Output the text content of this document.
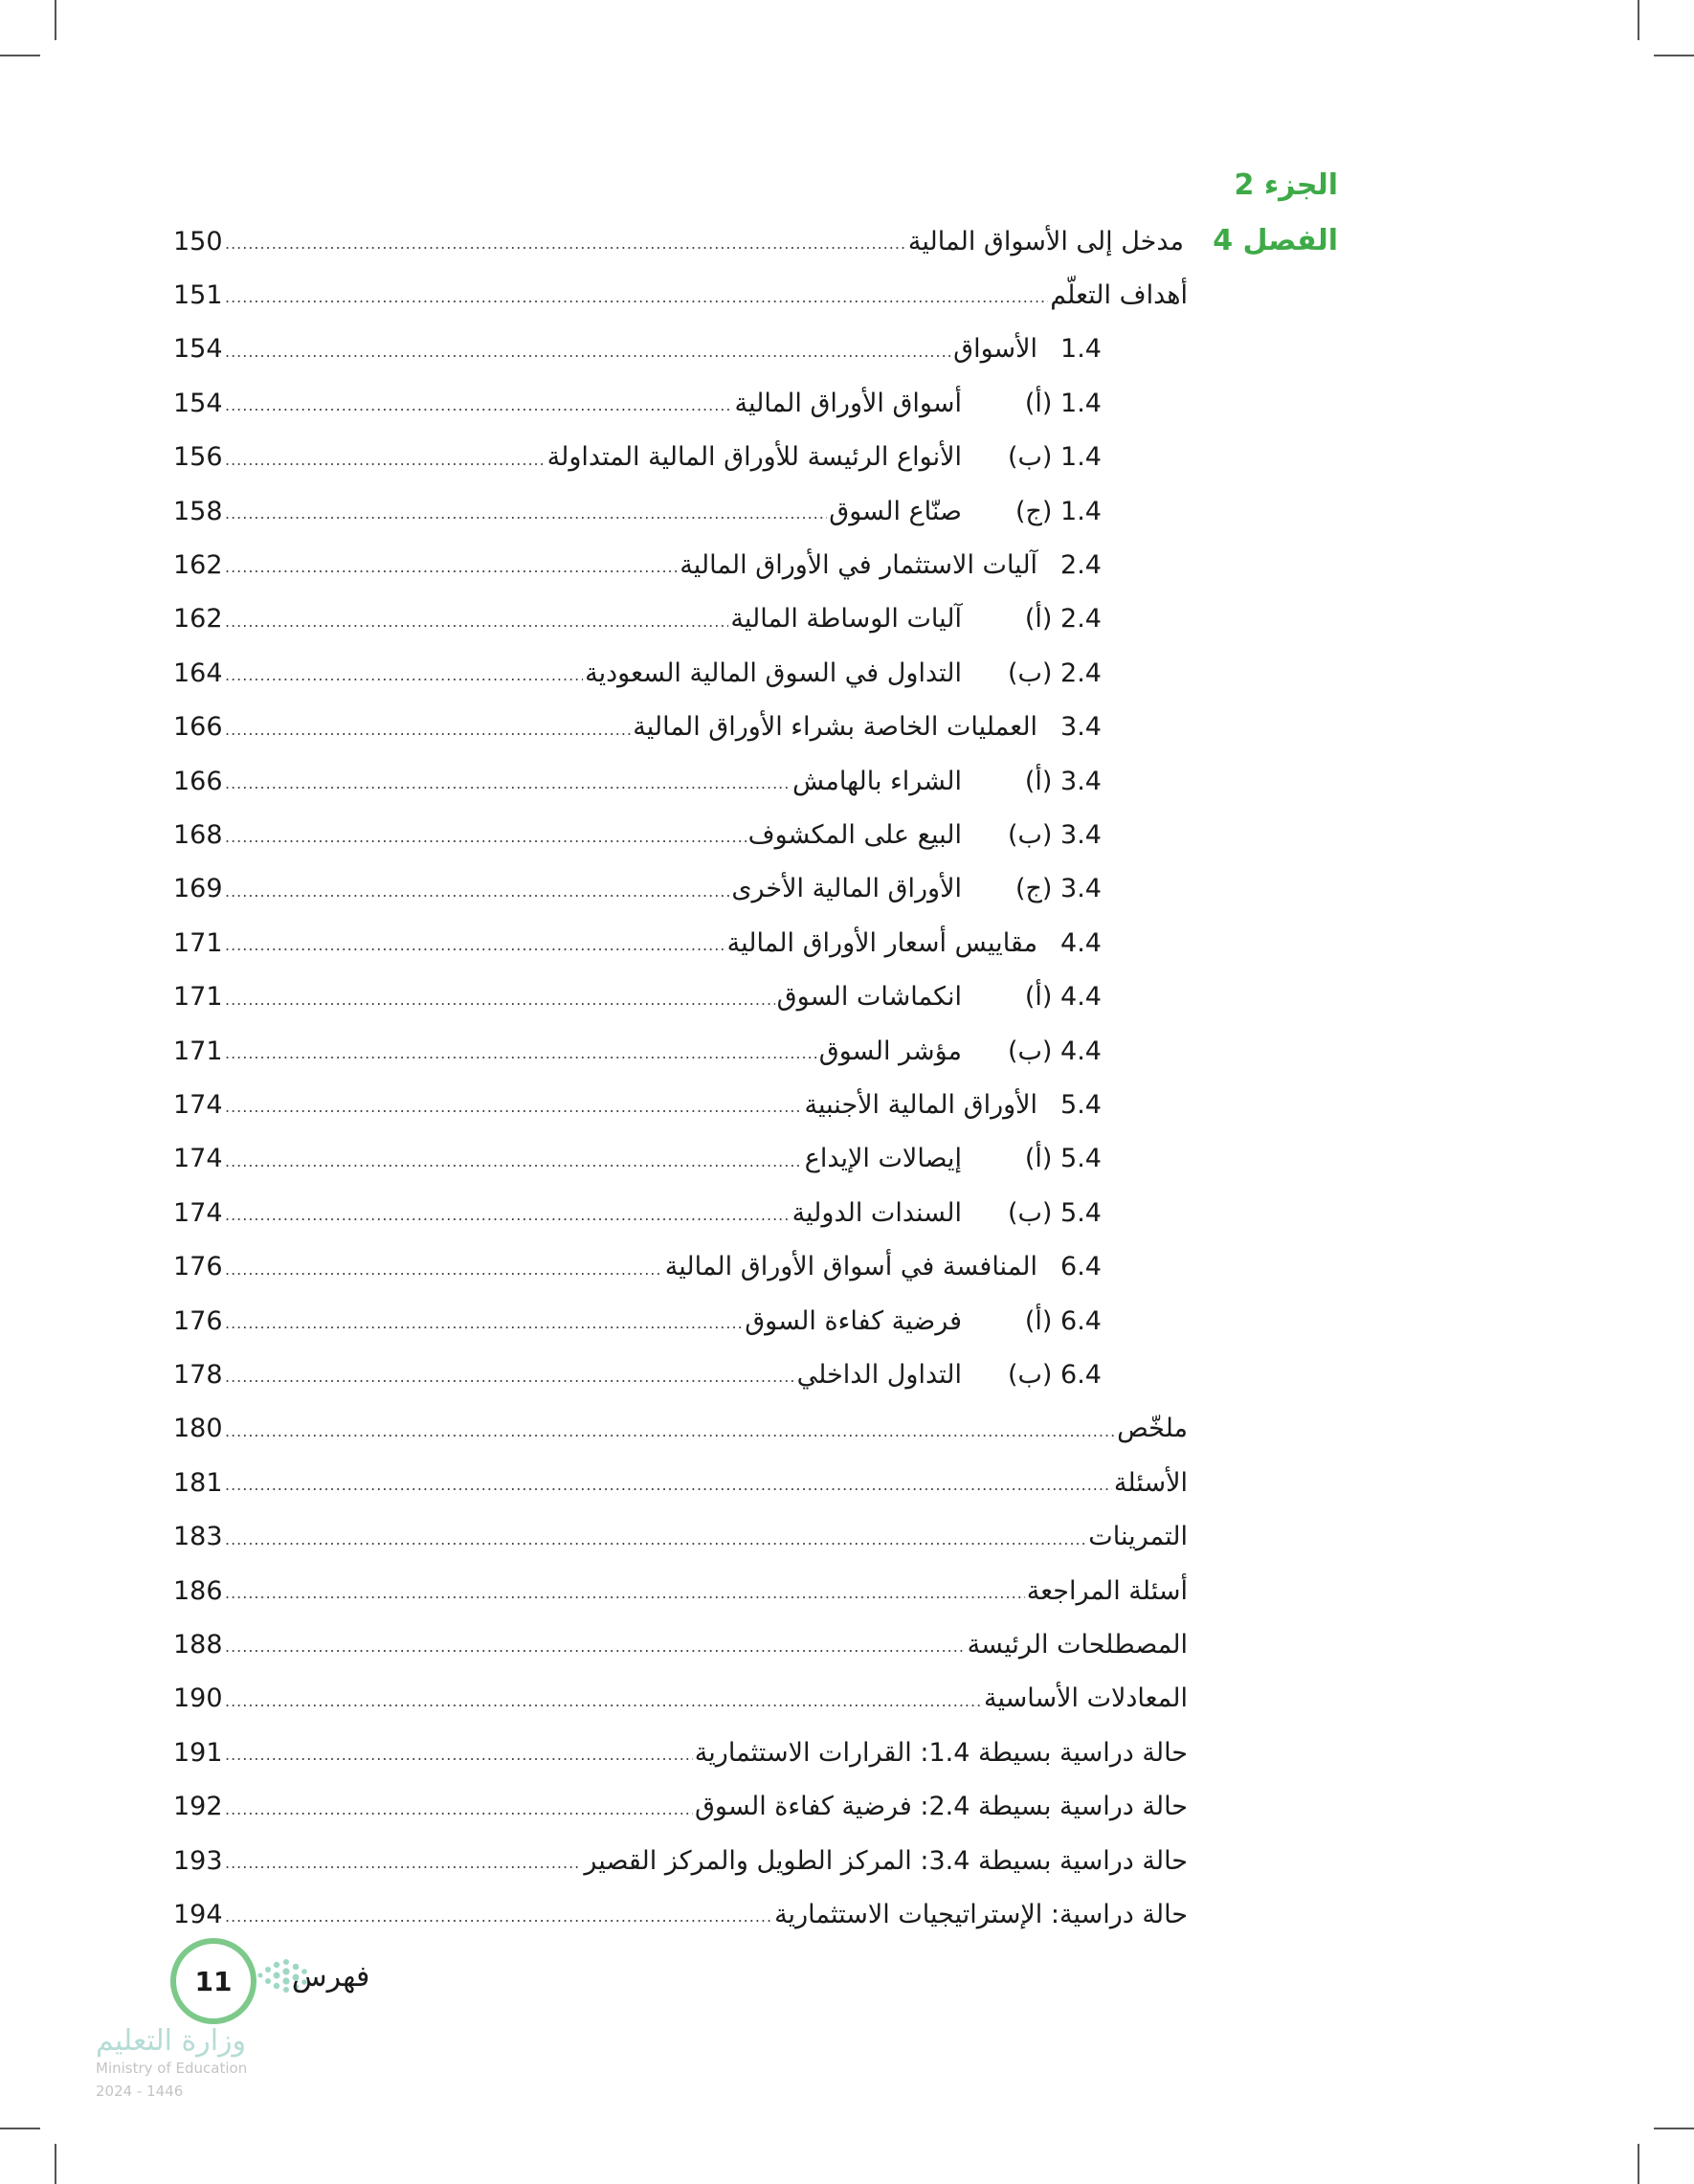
الجزء 2
الفصل 4
150 .....	مدخل إلى الأسواق المالية
151 .....	أهداف التعلّم
154 .....	الأسواق 1.4
154 .....	أسواق الأوراق المالية	1.4 (أ)
156 .....	الأنواع الرئيسة للأوراق المالية المتداولة	1.4 (ب)
158 .....	صنّاع السوق	1.4 (ج)
162 .....	آليات الاستثمار في الأوراق المالية 2.4
162 .....	آليات الوساطة المالية	2.4 (أ)
164 .....	التداول في السوق المالية السعودية	2.4 (ب)
166 .....	العمليات الخاصة بشراء الأوراق المالية 3.4
166 .....	الشراء بالهامش	3.4 (أ)
168 .....	البيع على المكشوف	3.4 (ب)
169 .....	الأوراق المالية الأخرى	3.4 (ج)
171 .....	مقاييس أسعار الأوراق المالية 4.4
171 .....	انكماشات السوق	4.4 (أ)
171 .....	مؤشر السوق	4.4 (ب)
174 .....	الأوراق المالية الأجنبية 5.4
174 .....	إيصالات الإيداع	5.4 (أ)
174 .....	السندات الدولية	5.4 (ب)
176 .....	المنافسة في أسواق الأوراق المالية 6.4
176 .....	فرضية كفاءة السوق	6.4 (أ)
178 .....	التداول الداخلي	6.4 (ب)
180 .....	ملخّص
181 .....	الأسئلة
183 .....	التمرينات
186 .....	أسئلة المراجعة
188 .....	المصطلحات الرئيسة
190 .....	المعادلات الأساسية
191 .....	حالة دراسية بسيطة 1.4: القرارات الاستثمارية
192 .....	حالة دراسية بسيطة 2.4: فرضية كفاءة السوق
193 .....	حالة دراسية بسيطة 3.4: المركز الطويل والمركز القصير
194 .....	حالة دراسية: الإستراتيجيات الاستثمارية
11 فهرس
وزارة التعليم
Ministry of Education
2024 - 1446
